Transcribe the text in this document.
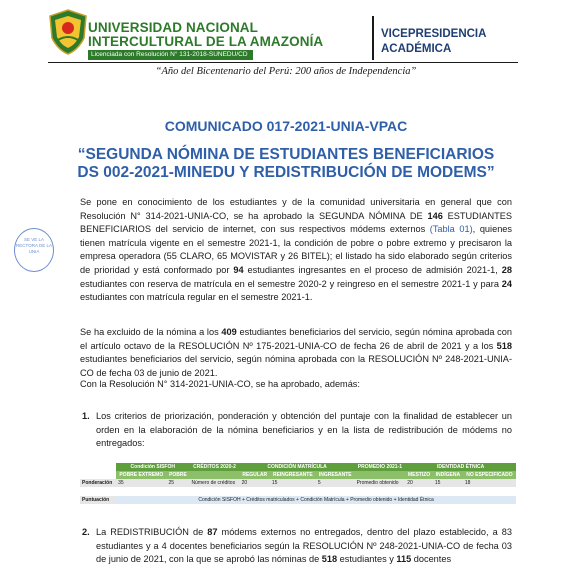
UNIVERSIDAD NACIONAL
INTERCULTURAL DE LA AMAZONÍA
Licenciada con Resolución N° 131-2018-SUNEDU/CD
VICEPRESIDENCIA
ACADÉMICA
“Año del Bicentenario del Perú: 200 años de Independencia”
COMUNICADO 017-2021-UNIA-VPAC
“SEGUNDA NÓMINA DE ESTUDIANTES BENEFICIARIOS
DS 002-2021-MINEDU Y REDISTRIBUCIÓN DE MODEMS”
SE VE LA RECTORA DE LA UNIA
Se pone en conocimiento de los estudiantes y de la comunidad universitaria en general que con Resolución N° 314-2021-UNIA-CO, se ha aprobado la SEGUNDA NÓMINA DE 146 ESTUDIANTES BENEFICIARIOS del servicio de internet, con sus respectivos módems externos (Tabla 01), quienes tienen matrícula vigente en el semestre 2021-1, la condición de pobre o pobre extremo y precisaron la empresa operadora (55 CLARO, 65 MOVISTAR y 26 BITEL); el listado ha sido elaborado según criterios de prioridad y está conformado por 94 estudiantes ingresantes en el proceso de admisión 2021-1, 28 estudiantes con reserva de matrícula en el semestre 2020-2 y reingreso en el semestre 2021-1 y para 24 estudiantes con matrícula regular en el semestre 2021-1.
Se ha excluido de la nómina a los 409 estudiantes beneficiarios del servicio, según nómina aprobada con el artículo octavo de la RESOLUCIÓN Nº 175-2021-UNIA-CO de fecha 26 de abril de 2021 y a los 518 estudiantes beneficiarios del servicio, según nómina aprobada con la RESOLUCIÓN Nº 248-2021-UNIA-CO de fecha 03 de junio de 2021.
Con la Resolución N° 314-2021-UNIA-CO, se ha aprobado, además:
1. Los criterios de priorización, ponderación y obtención del puntaje con la finalidad de establecer un orden en la elaboración de la nómina beneficiarios y en la lista de redistribución de módems no entregados:
	Condición SISFOH		CRÉDITOS 2020-2	CONDICIÓN MATRÍCULA			PROMEDIO 2021-1	IDENTIDAD ÉTNICA		
	POBRE EXTREMO	POBRE		REGULAR	REINGRESANTE	INGRESANTE		MESTIZO	INDÍGENA	NO ESPECIFICADO
Ponderación	35	25	Número de créditos	20	15	5	Promedio obtenido	20	15	18

Puntuación	Condición SISFOH + Créditos matriculados + Condición Matrícula + Promedio obtenido + Identidad Étnica									
2. La REDISTRIBUCIÓN de 87 módems externos no entregados, dentro del plazo establecido, a 83 estudiantes y a 4 docentes beneficiarios según la RESOLUCIÓN Nº 248-2021-UNIA-CO de fecha 03 de junio de 2021, con la que se aprobó las nóminas de 518 estudiantes y 115 docentes
